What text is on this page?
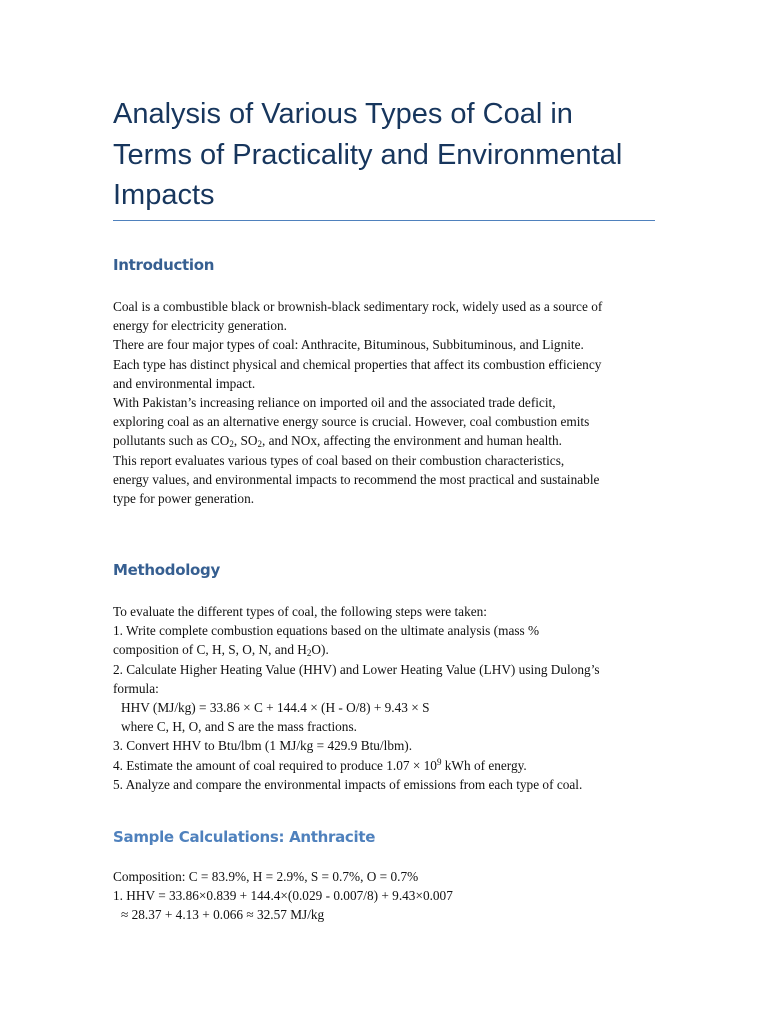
Analysis of Various Types of Coal in
Terms of Practicality and Environmental
Impacts
Introduction

Coal is a combustible black or brownish-black sedimentary rock, widely used as a source of
energy for electricity generation.
There are four major types of coal: Anthracite, Bituminous, Subbituminous, and Lignite.
Each type has distinct physical and chemical properties that affect its combustion efficiency
and environmental impact.
With Pakistan’s increasing reliance on imported oil and the associated trade deficit,
exploring coal as an alternative energy source is crucial. However, coal combustion emits
pollutants such as $CO_2$, $SO_2$, and NOx, affecting the environment and human health.
This report evaluates various types of coal based on their combustion characteristics,
energy values, and environmental impacts to recommend the most practical and sustainable
type for power generation.

Methodology

To evaluate the different types of coal, the following steps were taken:
1. Write complete combustion equations based on the ultimate analysis (mass %
composition of C, H, S, O, N, and $H_2O$).
2. Calculate Higher Heating Value (HHV) and Lower Heating Value (LHV) using Dulong’s
formula:
HHV (MJ/kg) = 33.86 × C + 144.4 × (H - O/8) + 9.43 × S
where C, H, O, and S are the mass fractions.
3. Convert HHV to Btu/lbm (1 MJ/kg = 429.9 Btu/lbm).
4. Estimate the amount of coal required to produce $1.07 \times 10^9$ kWh of energy.
5. Analyze and compare the environmental impacts of emissions from each type of coal.

Sample Calculations: Anthracite

Composition: C = 83.9%, H = 2.9%, S = 0.7%, O = 0.7%
1. HHV = 33.86×0.839 + 144.4×(0.029 - 0.007/8) + 9.43×0.007
≈ 28.37 + 4.13 + 0.066 ≈ 32.57 MJ/kg
